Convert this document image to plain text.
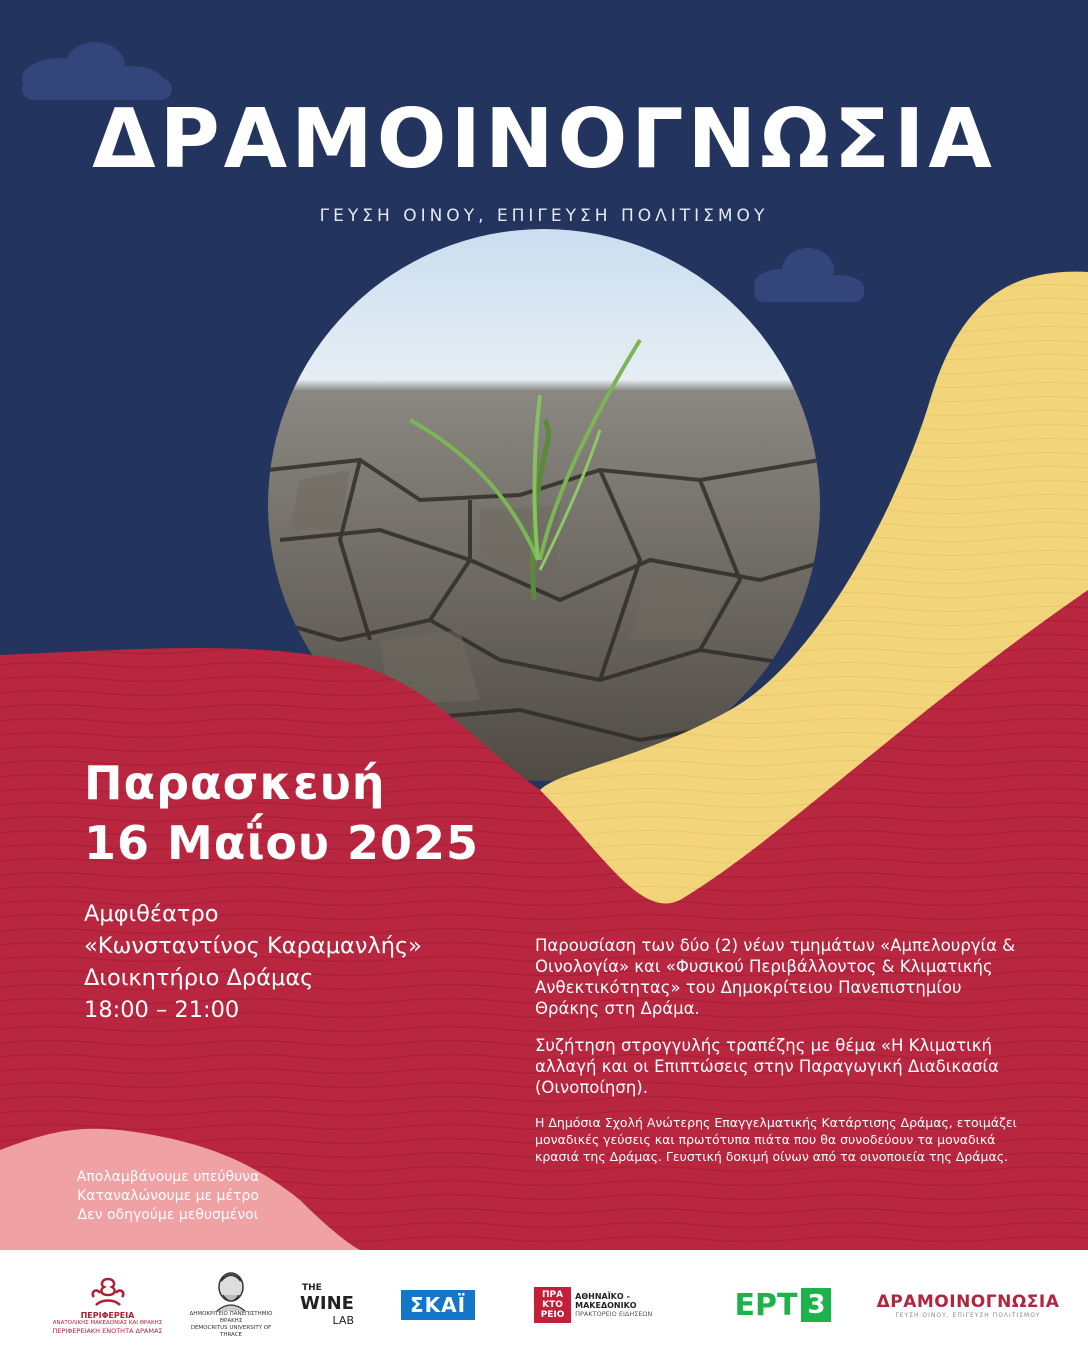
ΔΡΑΜΟΙΝΟΓΝΩΣΙΑ
ΓΕΥΣΗ ΟΙΝΟΥ, ΕΠΙΓΕΥΣΗ ΠΟΛΙΤΙΣΜΟΥ
Παρασκευή
16 Μαΐου 2025
Αμφιθέατρο
«Κωνσταντίνος Καραμανλής»
Διοικητήριο Δράμας
18:00 – 21:00

Παρουσίαση των δύο (2) νέων τμημάτων «Αμπελουργία & Οινολογία» και «Φυσικού Περιβάλλοντος & Κλιματικής Ανθεκτικότητας» του Δημοκρίτειου Πανεπιστημίου Θράκης στη Δράμα.

Συζήτηση στρογγυλής τραπέζης με θέμα «Η Κλιματική αλλαγή και οι Επιπτώσεις στην Παραγωγική Διαδικασία (Οινοποίηση).

Η Δημόσια Σχολή Ανώτερης Επαγγελματικής Κατάρτισης Δράμας, ετοιμάζει μοναδικές γεύσεις και πρωτότυπα πιάτα που θα συνοδεύουν τα μοναδικά κρασιά της Δράμας. Γευστική δοκιμή οίνων από τα οινοποιεία της Δράμας.

Απολαμβάνουμε υπεύθυνα
Καταναλώνουμε με μέτρο
Δεν οδηγούμε μεθυσμένοι
ΠΕΡΙΦΕΡΕΙΑ
ΑΝΑΤΟΛΙΚΗΣ ΜΑΚΕΔΟΝΙΑΣ ΚΑΙ ΘΡΑΚΗΣ
ΠΕΡΙΦΕΡΕΙΑΚΗ ΕΝΟΤΗΤΑ ΔΡΑΜΑΣ
ΔΗΜΟΚΡΙΤΕΙΟ ΠΑΝΕΠΙΣΤΗΜΙΟ ΘΡΑΚΗΣ
DEMOCRITUS UNIVERSITY OF THRACE
THE
WINE
LAB
ΣΚΑΪ	ΠΡΑ ΚΤΟ ΡΕΙΟ
ΑΘΗΝΑΪΚΟ - ΜΑΚΕΔΟΝΙΚΟ
ΠΡΑΚΤΟΡΕΙΟ ΕΙΔΗΣΕΩΝ	ΕΡΤ 3	ΔΡΑΜΟΙΝΟΓΝΩΣΙΑ
ΓΕΥΣΗ ΟΙΝΟΥ, ΕΠΙΓΕΥΣΗ ΠΟΛΙΤΙΣΜΟΥ
